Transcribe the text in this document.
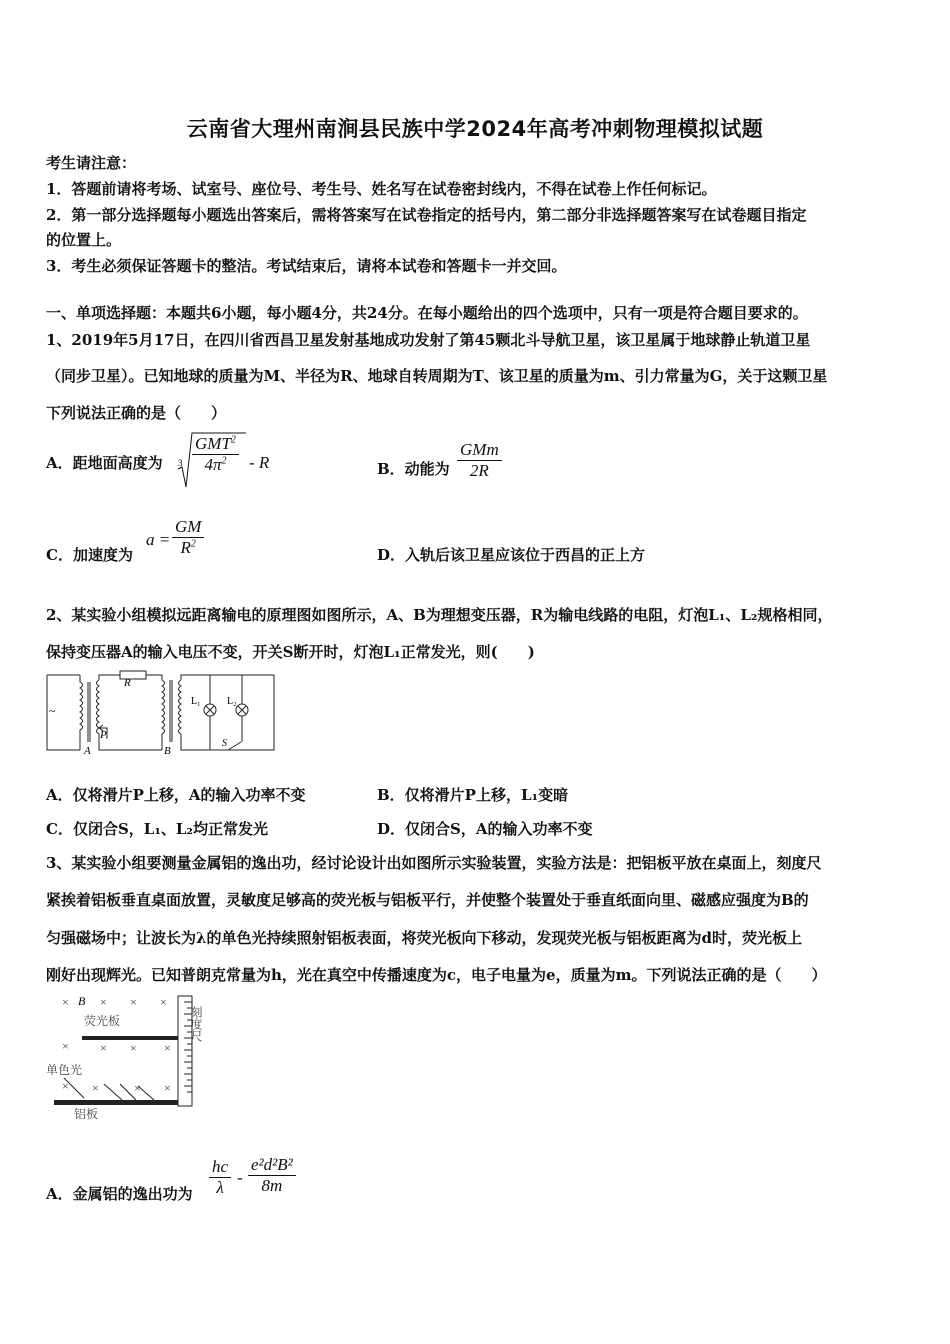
云南省大理州南涧县民族中学2024年高考冲刺物理模拟试题
考生请注意：
1．答题前请将考场、试室号、座位号、考生号、姓名写在试卷密封线内，不得在试卷上作任何标记。
2．第一部分选择题每小题选出答案后，需将答案写在试卷指定的括号内，第二部分非选择题答案写在试卷题目指定
的位置上。
3．考生必须保证答题卡的整洁。考试结束后，请将本试卷和答题卡一并交回。
一、单项选择题：本题共6小题，每小题4分，共24分。在每小题给出的四个选项中，只有一项是符合题目要求的。
1、2019年5月17日，在四川省西昌卫星发射基地成功发射了第45颗北斗导航卫星，该卫星属于地球静止轨道卫星
（同步卫星）。已知地球的质量为M、半径为R、地球自转周期为T、该卫星的质量为m、引力常量为G，关于这颗卫星
下列说法正确的是（　　）
A．距地面高度为 $3 \frac{GMT^2}{4\pi^2}$ - R	B．动能为 $\frac{\text{GMm}}{2R}$
C．加速度为
$a = \frac{GM}{R^2}$	D．入轨后该卫星应该位于西昌的正上方
2、某实验小组模拟远距离输电的原理图如图所示，A、B为理想变压器，R为输电线路的电阻，灯泡L₁、L₂规格相同，
保持变压器A的输入电压不变，开关S断开时，灯泡L₁正常发光，则(　　)
R
P
A	B
L₁	L₂
S
~
A．仅将滑片P上移，A的输入功率不变	B．仅将滑片P上移，L₁变暗
C．仅闭合S，L₁、L₂均正常发光	D．仅闭合S，A的输入功率不变
3、某实验小组要测量金属铝的逸出功，经讨论设计出如图所示实验装置，实验方法是：把铝板平放在桌面上，刻度尺
紧挨着铝板垂直桌面放置，灵敏度足够高的荧光板与铝板平行，并使整个装置处于垂直纸面向里、磁感应强度为B的
匀强磁场中；让波长为λ的单色光持续照射铝板表面，将荧光板向下移动，发现荧光板与铝板距离为d时，荧光板上
刚好出现辉光。已知普朗克常量为h，光在真空中传播速度为c，电子电量为e，质量为m。下列说法正确的是（　　）
×	× × ×
×	× × ×
× ×	× ×
B
荧光板
单色光
铝板
刻度尺
A．金属铝的逸出功为 $\frac{hc}{\lambda} - \frac{\text{e²d²B²}}{8m}$
